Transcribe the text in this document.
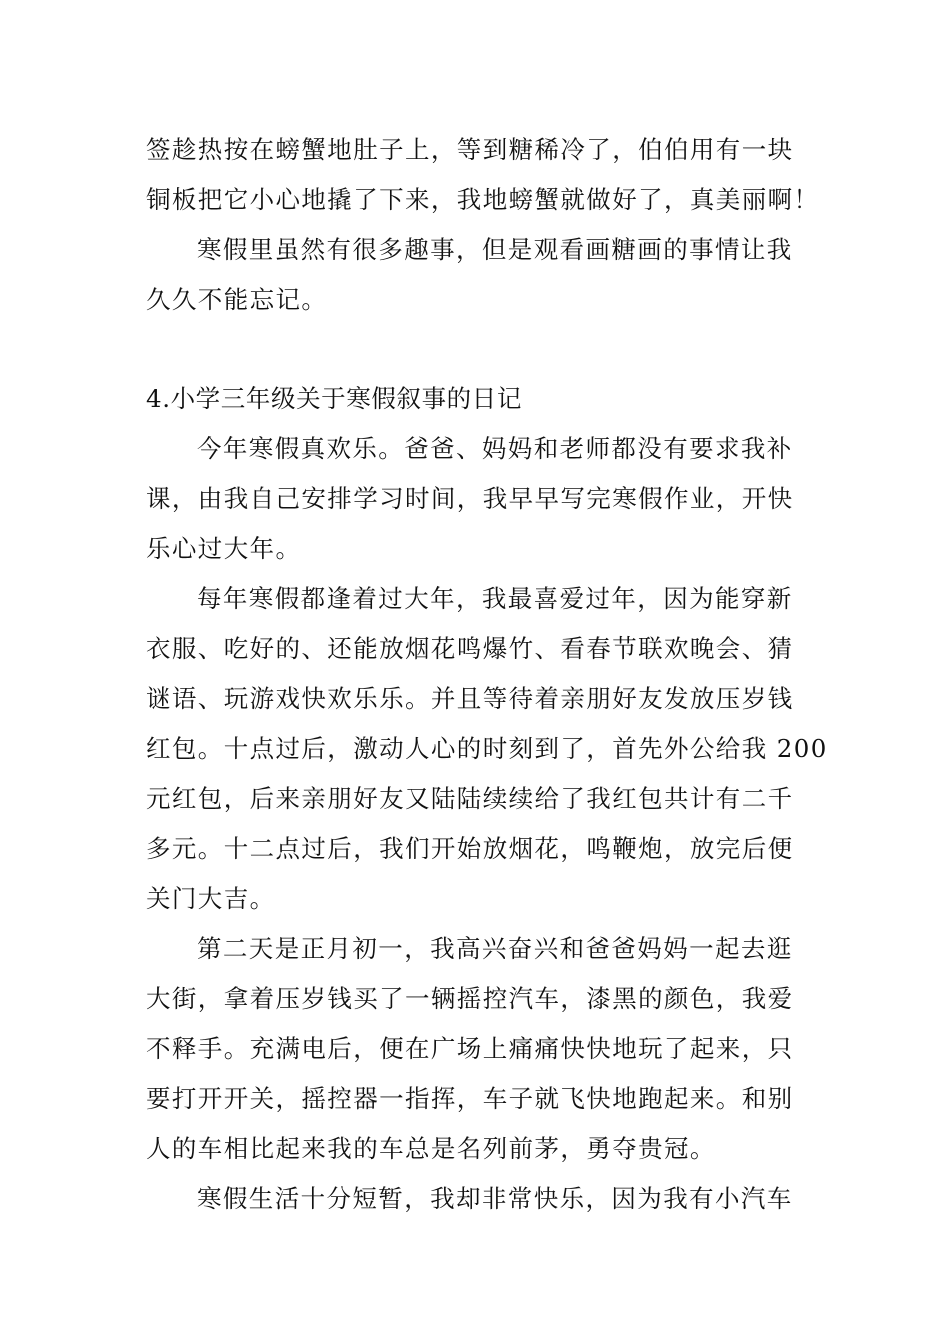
签趁热按在螃蟹地肚子上，等到糖稀冷了，伯伯用有一块
铜板把它小心地撬了下来，我地螃蟹就做好了，真美丽啊！
寒假里虽然有很多趣事，但是观看画糖画的事情让我
久久不能忘记。
4.小学三年级关于寒假叙事的日记
今年寒假真欢乐。爸爸、妈妈和老师都没有要求我补
课，由我自己安排学习时间，我早早写完寒假作业，开快
乐心过大年。
每年寒假都逢着过大年，我最喜爱过年，因为能穿新
衣服、吃好的、还能放烟花鸣爆竹、看春节联欢晚会、猜
谜语、玩游戏快欢乐乐。并且等待着亲朋好友发放压岁钱
红包。十点过后，激动人心的时刻到了，首先外公给我 200
元红包，后来亲朋好友又陆陆续续给了我红包共计有二千
多元。十二点过后，我们开始放烟花，鸣鞭炮，放完后便
关门大吉。
第二天是正月初一，我高兴奋兴和爸爸妈妈一起去逛
大街，拿着压岁钱买了一辆摇控汽车，漆黑的颜色，我爱
不释手。充满电后，便在广场上痛痛快快地玩了起来，只
要打开开关，摇控器一指挥，车子就飞快地跑起来。和别
人的车相比起来我的车总是名列前茅，勇夺贵冠。
寒假生活十分短暂，我却非常快乐，因为我有小汽车
